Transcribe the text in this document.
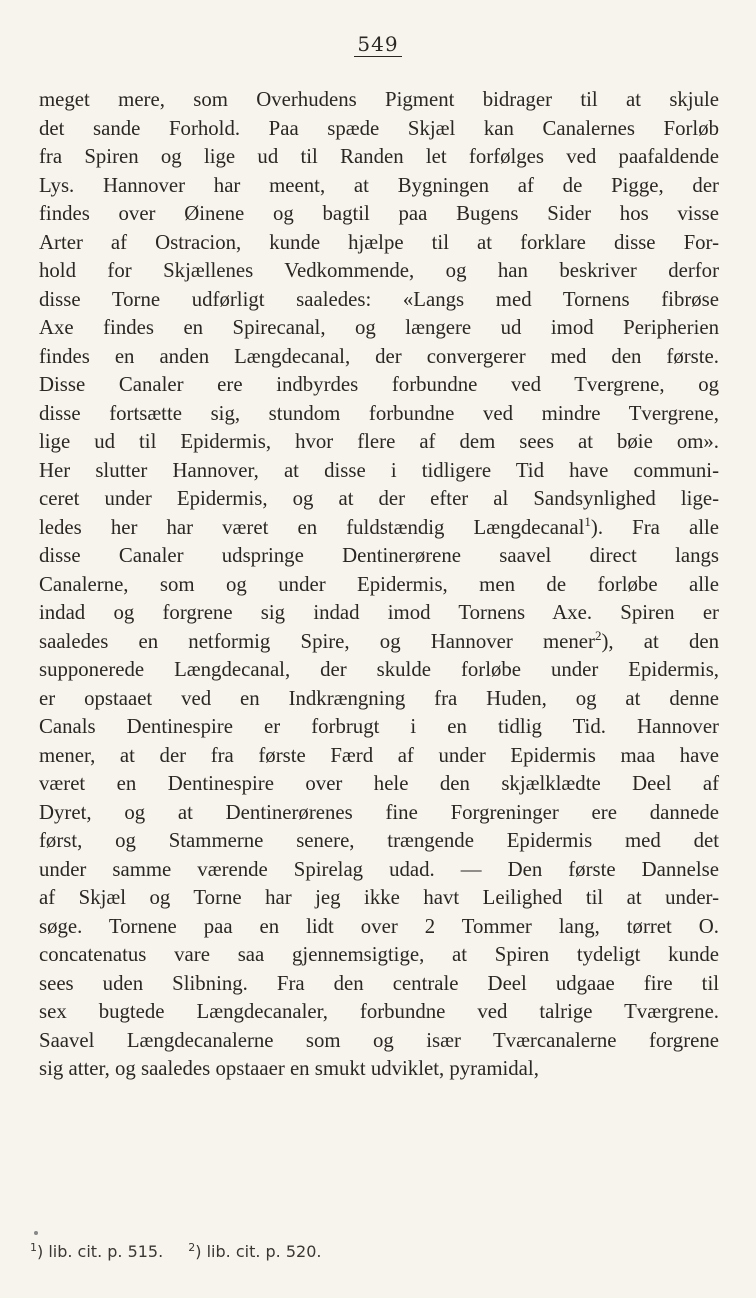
549
meget mere, som Overhudens Pigment bidrager til at skjule
det sande Forhold. Paa spæde Skjæl kan Canalernes Forløb
fra Spiren og lige ud til Randen let forfølges ved paafaldende
Lys. Hannover har meent, at Bygningen af de Pigge, der
findes over Øinene og bagtil paa Bugens Sider hos visse
Arter af Ostracion, kunde hjælpe til at forklare disse For-
hold for Skjællenes Vedkommende, og han beskriver derfor
disse Torne udførligt saaledes: «Langs med Tornens fibrøse
Axe findes en Spirecanal, og længere ud imod Peripherien
findes en anden Længdecanal, der convergerer med den første.
Disse Canaler ere indbyrdes forbundne ved Tvergrene, og
disse fortsætte sig, stundom forbundne ved mindre Tvergrene,
lige ud til Epidermis, hvor flere af dem sees at bøie om».
Her slutter Hannover, at disse i tidligere Tid have communi-
ceret under Epidermis, og at der efter al Sandsynlighed lige-
ledes her har været en fuldstændig Længdecanal$^1$). Fra alle
disse Canaler udspringe Dentinerørene saavel direct langs
Canalerne, som og under Epidermis, men de forløbe alle
indad og forgrene sig indad imod Tornens Axe. Spiren er
saaledes en netformig Spire, og Hannover mener$^2$), at den
supponerede Længdecanal, der skulde forløbe under Epidermis,
er opstaaet ved en Indkrængning fra Huden, og at denne
Canals Dentinespire er forbrugt i en tidlig Tid. Hannover
mener, at der fra første Færd af under Epidermis maa have
været en Dentinespire over hele den skjælklædte Deel af
Dyret, og at Dentinerørenes fine Forgreninger ere dannede
først, og Stammerne senere, trængende Epidermis med det
under samme værende Spirelag udad. — Den første Dannelse
af Skjæl og Torne har jeg ikke havt Leilighed til at under-
søge. Tornene paa en lidt over 2 Tommer lang, tørret O.
concatenatus vare saa gjennemsigtige, at Spiren tydeligt kunde
sees uden Slibning. Fra den centrale Deel udgaae fire til
sex bugtede Længdecanaler, forbundne ved talrige Tværgrene.
Saavel Længdecanalerne som og især Tværcanalerne forgrene
sig atter, og saaledes opstaaer en smukt udviklet, pyramidal,
$^1$) lib. cit. p. 515. $^2$) lib. cit. p. 520.
